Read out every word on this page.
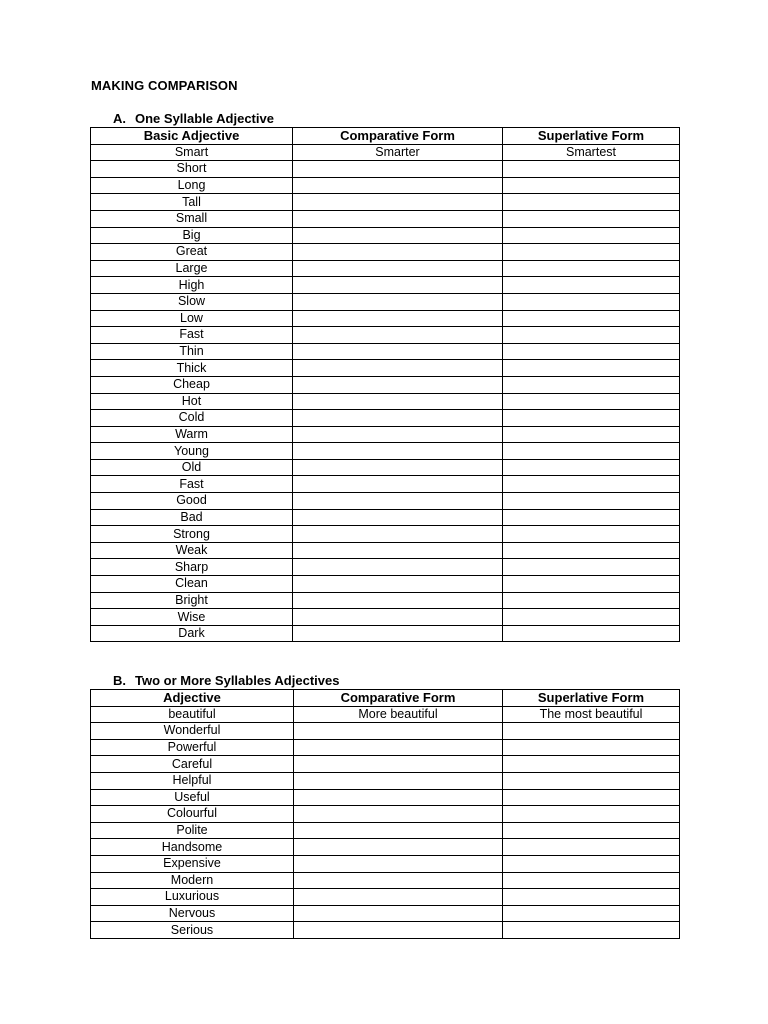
MAKING COMPARISON
A. One Syllable Adjective
Basic Adjective	Comparative Form	Superlative Form
Smart	Smarter	Smartest
Short		
Long		
Tall		
Small		
Big		
Great		
Large		
High		
Slow		
Low		
Fast		
Thin		
Thick		
Cheap		
Hot		
Cold		
Warm		
Young		
Old		
Fast		
Good		
Bad		
Strong		
Weak		
Sharp		
Clean		
Bright		
Wise		
Dark		
B. Two or More Syllables Adjectives
Adjective	Comparative Form	Superlative Form
beautiful	More beautiful	The most beautiful
Wonderful		
Powerful		
Careful		
Helpful		
Useful		
Colourful		
Polite		
Handsome		
Expensive		
Modern		
Luxurious		
Nervous		
Serious		
